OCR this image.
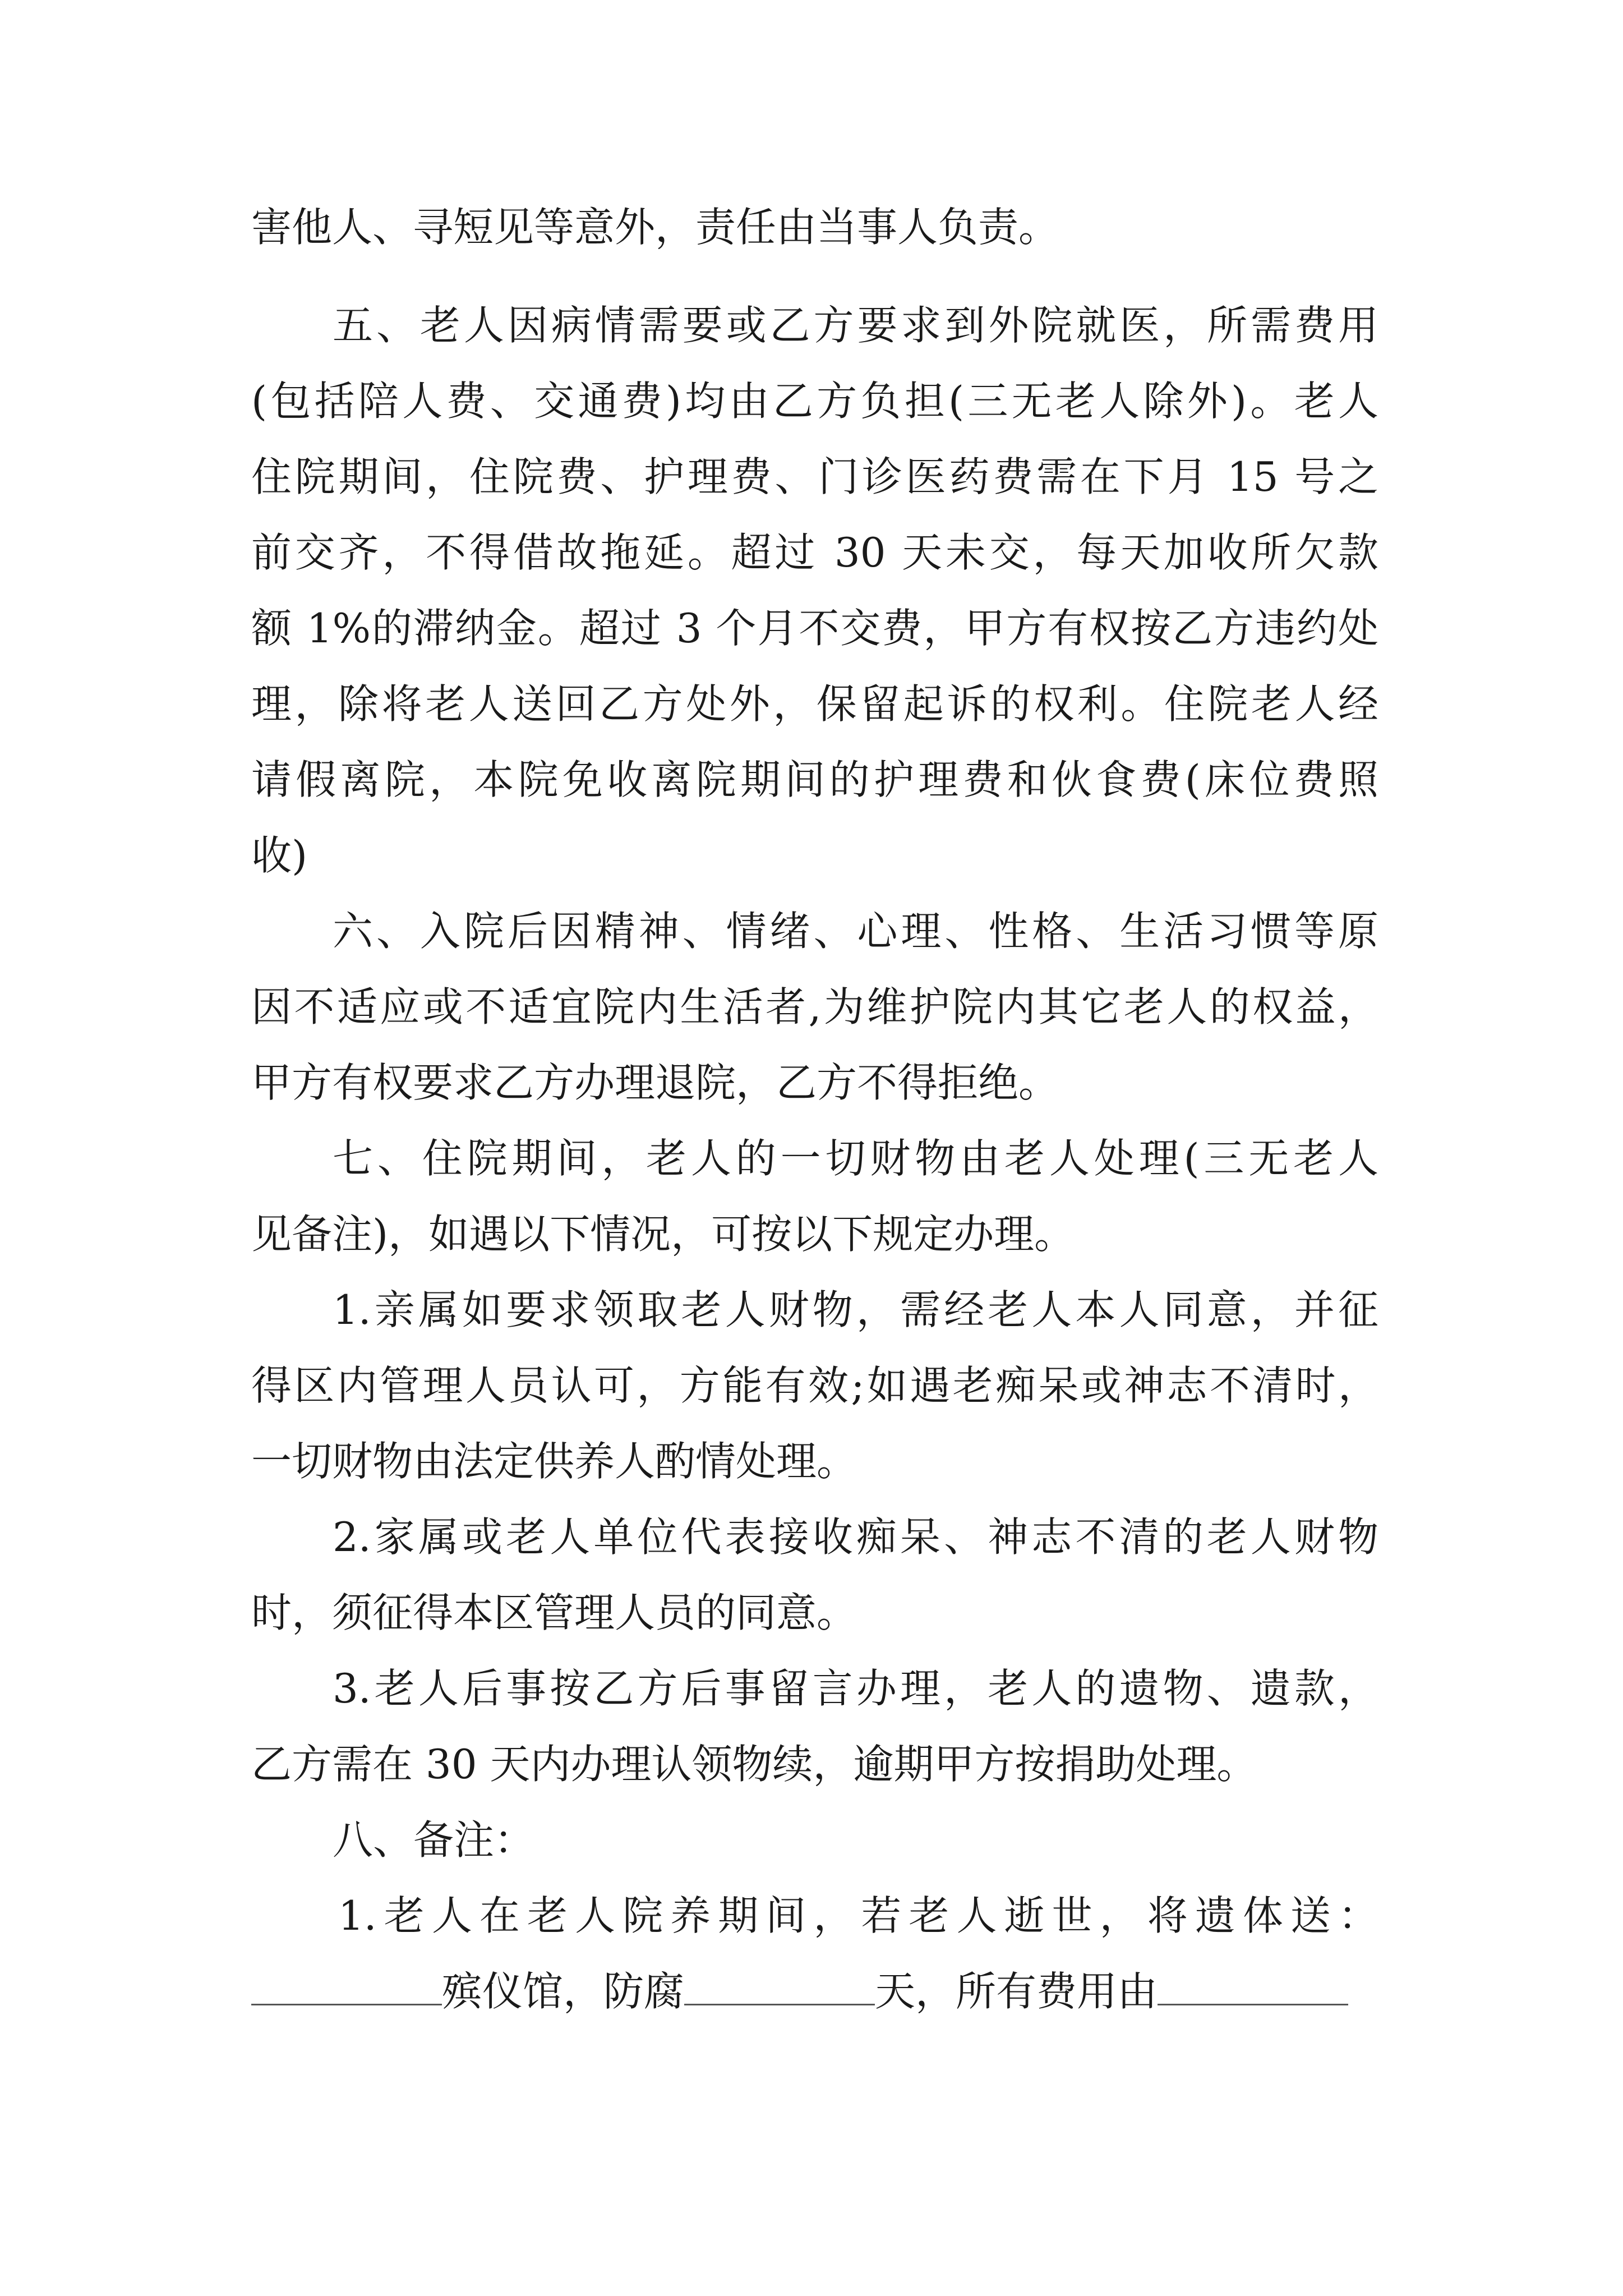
害他人、寻短见等意外，责任由当事人负责。
五、老人因病情需要或乙方要求到外院就医，所需费用
(包括陪人费、交通费)均由乙方负担(三无老人除外)。老人
住院期间，住院费、护理费、门诊医药费需在下月 15 号之
前交齐，不得借故拖延。超过 30 天未交，每天加收所欠款
额 1%的滞纳金。超过 3 个月不交费，甲方有权按乙方违约处
理，除将老人送回乙方处外，保留起诉的权利。住院老人经
请假离院，本院免收离院期间的护理费和伙食费(床位费照
收)
六、入院后因精神、情绪、心理、性格、生活习惯等原
因不适应或不适宜院内生活者,为维护院内其它老人的权益，
甲方有权要求乙方办理退院，乙方不得拒绝。
七、住院期间，老人的一切财物由老人处理(三无老人
见备注)，如遇以下情况，可按以下规定办理。
1.亲属如要求领取老人财物，需经老人本人同意，并征
得区内管理人员认可，方能有效;如遇老痴呆或神志不清时，
一切财物由法定供养人酌情处理。
2.家属或老人单位代表接收痴呆、神志不清的老人财物
时，须征得本区管理人员的同意。
3.老人后事按乙方后事留言办理，老人的遗物、遗款，
乙方需在 30 天内办理认领物续，逾期甲方按捐助处理。
八、备注：
1.老人在老人院养期间，若老人逝世，将遗体送：
殡仪馆，防腐	天，所有费用由
